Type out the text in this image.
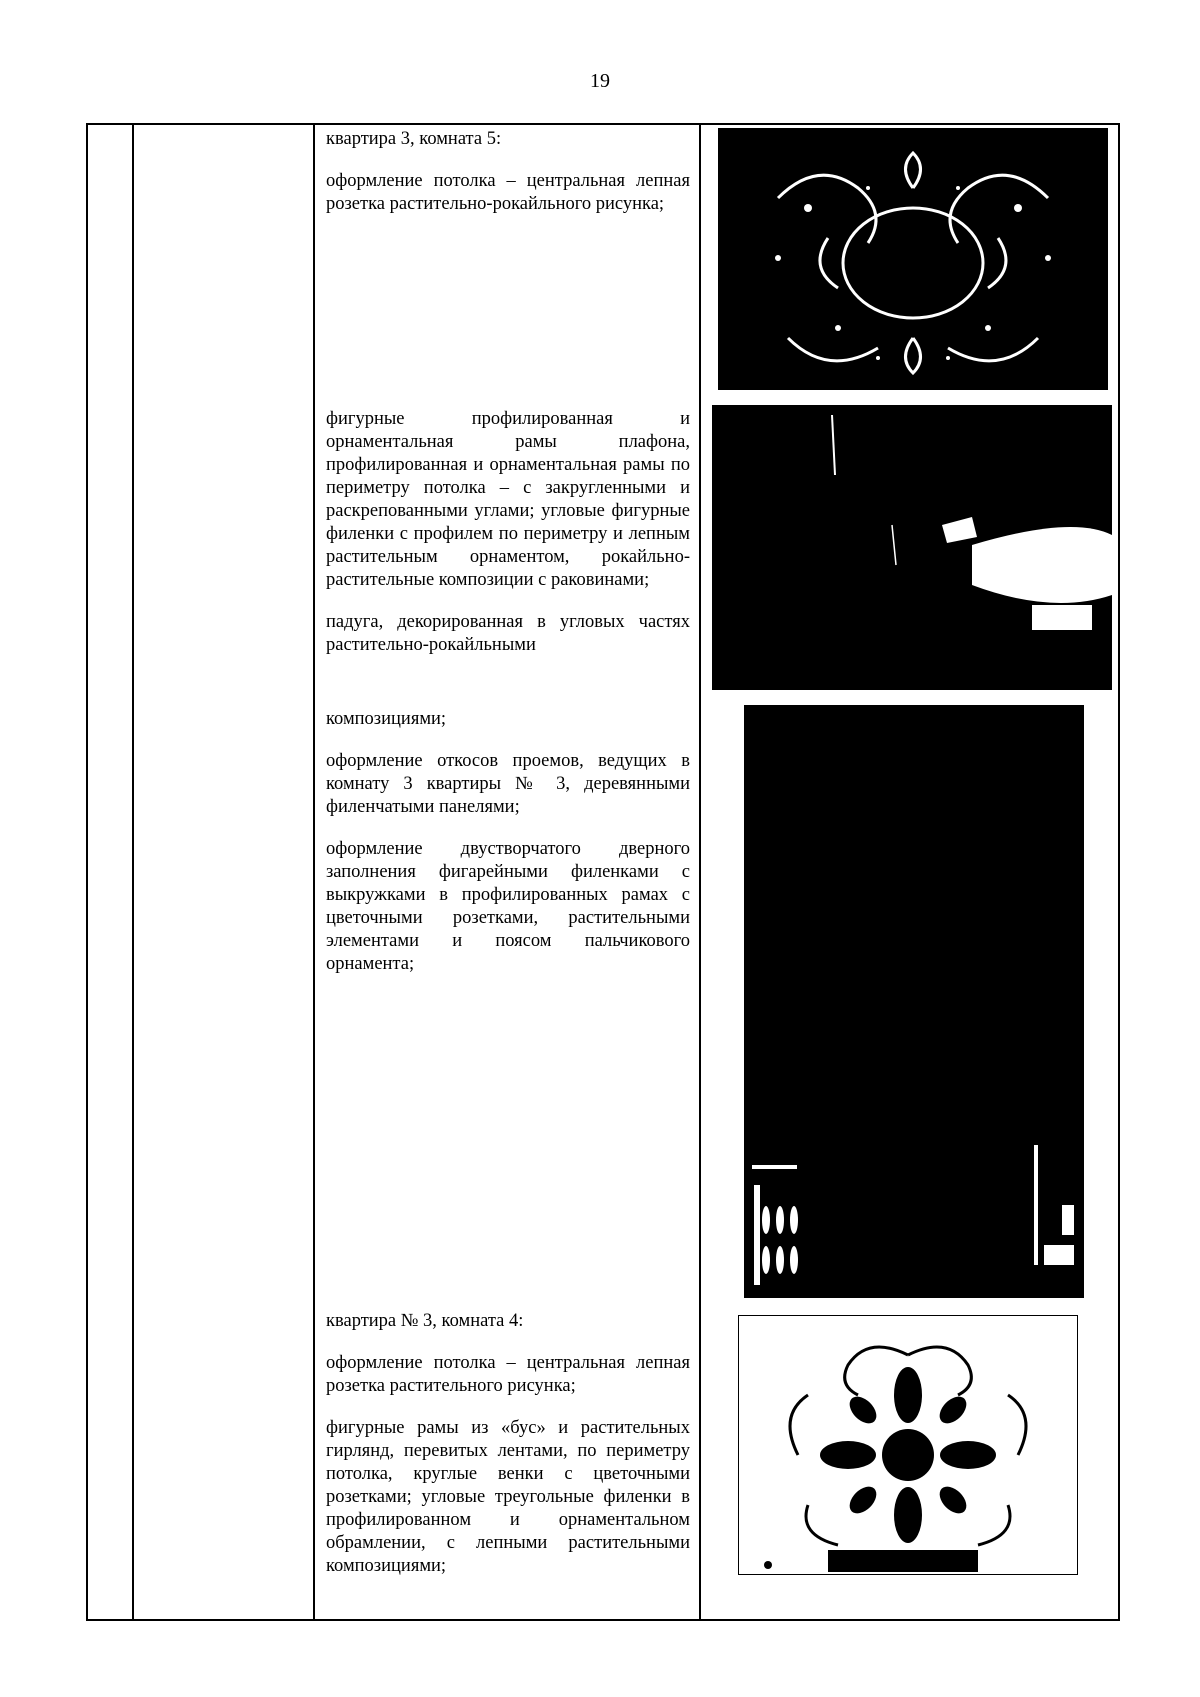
19

квартира 3, комната 5:

оформление потолка – центральная лепная розетка растительно-рокайльного рисунка;

фигурные профилированная и орнаментальная рамы плафона, профилированная и орнаментальная рамы по периметру потолка – с закругленными и раскрепованными углами; угловые фигурные филенки с профилем по периметру и лепным растительным орнаментом, рокайльно-растительные композиции с раковинами;

падуга, декорированная в угловых частях растительно-рокайльными

композициями;

оформление откосов проемов, ведущих в комнату 3 квартиры № 3, деревянными филенчатыми панелями;

оформление двустворчатого дверного заполнения фигарейными филенками с выкружками в профилированных рамах с цветочными розетками, растительными элементами и поясом пальчикового орнамента;

квартира № 3, комната 4:

оформление потолка – центральная лепная розетка растительного рисунка;

фигурные рамы из «бус» и растительных гирлянд, перевитых лентами, по периметру потолка, круглые венки с цветочными розетками; угловые треугольные филенки в профилированном и орнаментальном обрамлении, с лепными растительными композициями;
